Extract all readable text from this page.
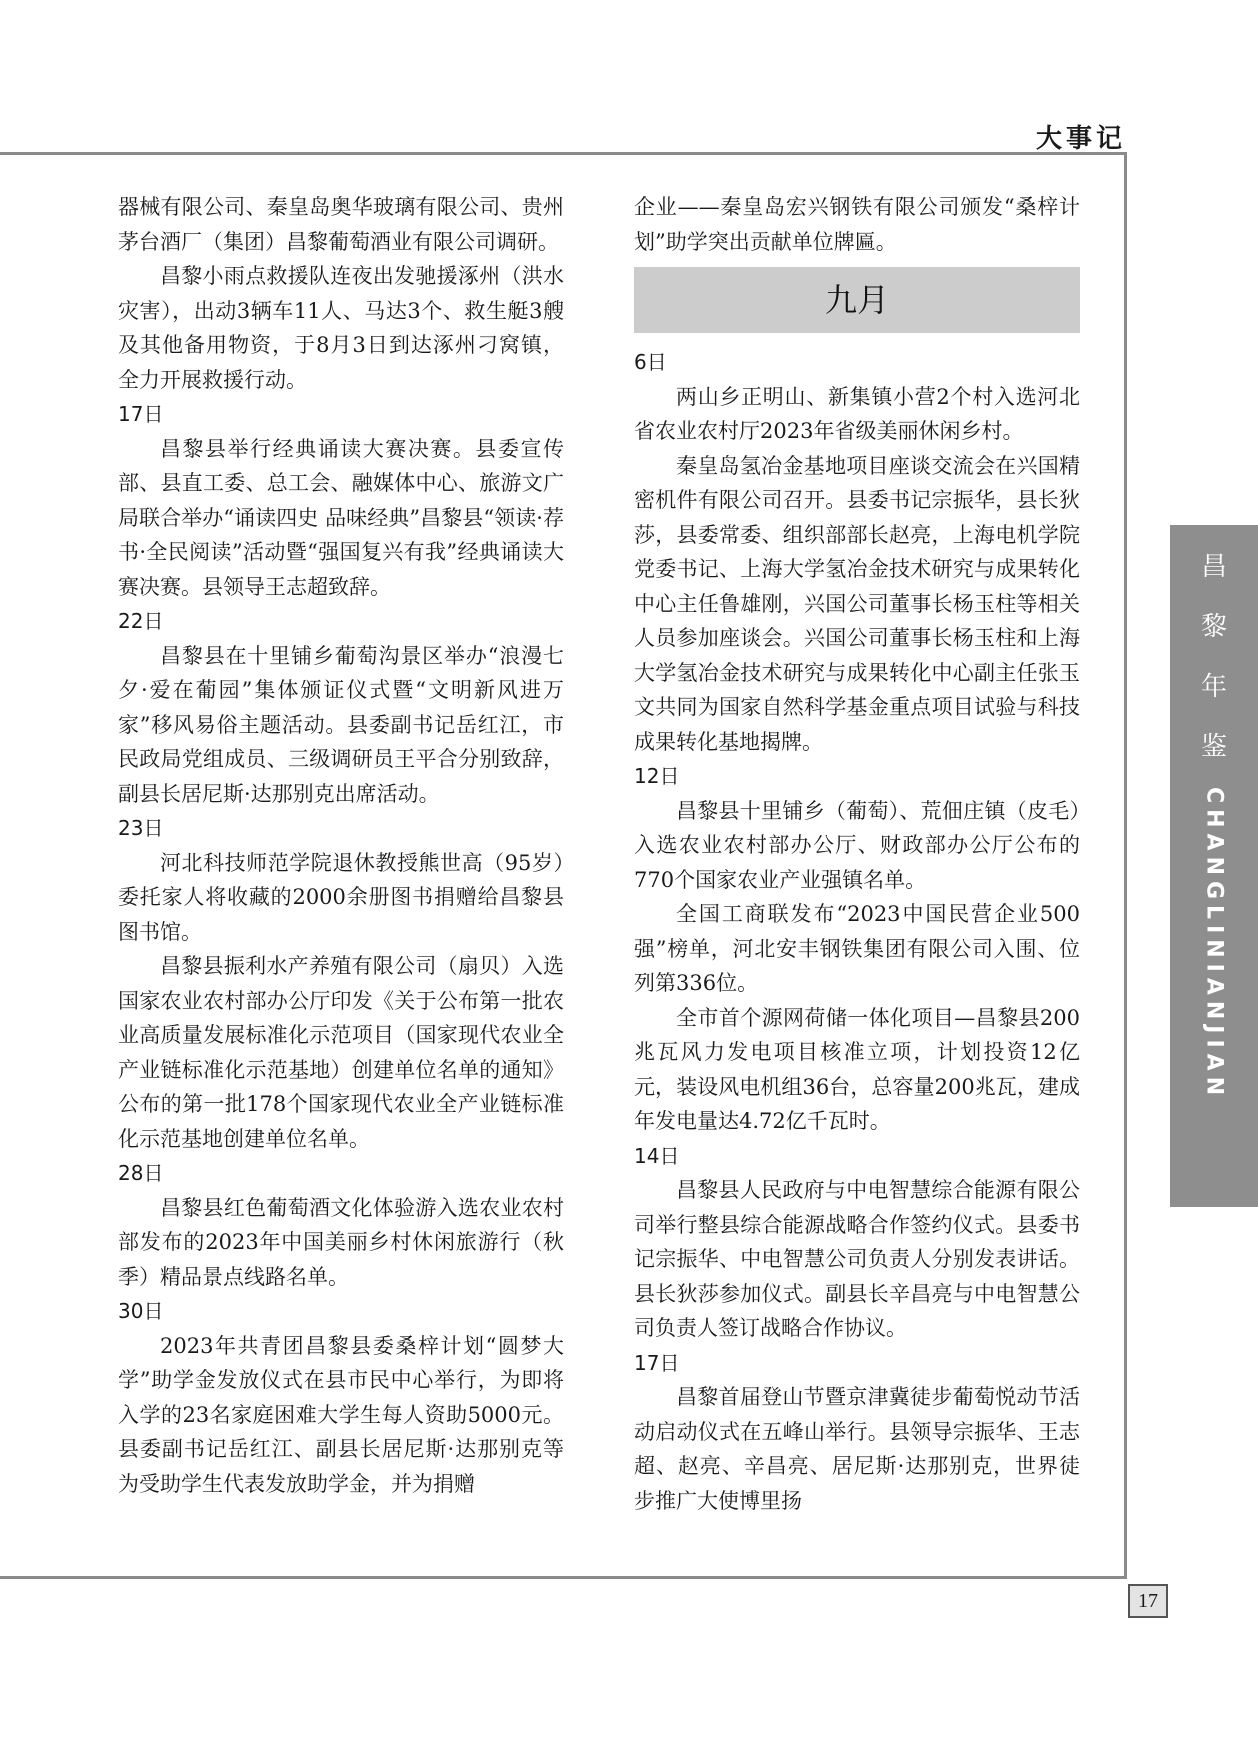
大事记

器械有限公司、秦皇岛奥华玻璃有限公司、贵州茅台酒厂（集团）昌黎葡萄酒业有限公司调研。

昌黎小雨点救援队连夜出发驰援涿州（洪水灾害），出动3辆车11人、马达3个、救生艇3艘及其他备用物资，于8月3日到达涿州刁窝镇，全力开展救援行动。

17日

昌黎县举行经典诵读大赛决赛。县委宣传部、县直工委、总工会、融媒体中心、旅游文广局联合举办“诵读四史 品味经典”昌黎县“领读·荐书·全民阅读”活动暨“强国复兴有我”经典诵读大赛决赛。县领导王志超致辞。

22日

昌黎县在十里铺乡葡萄沟景区举办“浪漫七夕·爱在葡园”集体颁证仪式暨“文明新风进万家”移风易俗主题活动。县委副书记岳红江，市民政局党组成员、三级调研员王平合分别致辞，副县长居尼斯·达那别克出席活动。

23日

河北科技师范学院退休教授熊世高（95岁）委托家人将收藏的2000余册图书捐赠给昌黎县图书馆。

昌黎县振利水产养殖有限公司（扇贝）入选国家农业农村部办公厅印发《关于公布第一批农业高质量发展标准化示范项目（国家现代农业全产业链标准化示范基地）创建单位名单的通知》公布的第一批178个国家现代农业全产业链标准化示范基地创建单位名单。

28日

昌黎县红色葡萄酒文化体验游入选农业农村部发布的2023年中国美丽乡村休闲旅游行（秋季）精品景点线路名单。

30日

2023年共青团昌黎县委桑梓计划“圆梦大学”助学金发放仪式在县市民中心举行，为即将入学的23名家庭困难大学生每人资助5000元。县委副书记岳红江、副县长居尼斯·达那别克等为受助学生代表发放助学金，并为捐赠

企业——秦皇岛宏兴钢铁有限公司颁发“桑梓计划”助学突出贡献单位牌匾。

九月
6日

两山乡正明山、新集镇小营2个村入选河北省农业农村厅2023年省级美丽休闲乡村。

秦皇岛氢冶金基地项目座谈交流会在兴国精密机件有限公司召开。县委书记宗振华，县长狄莎，县委常委、组织部部长赵亮，上海电机学院党委书记、上海大学氢冶金技术研究与成果转化中心主任鲁雄刚，兴国公司董事长杨玉柱等相关人员参加座谈会。兴国公司董事长杨玉柱和上海大学氢冶金技术研究与成果转化中心副主任张玉文共同为国家自然科学基金重点项目试验与科技成果转化基地揭牌。

12日

昌黎县十里铺乡（葡萄）、荒佃庄镇（皮毛）入选农业农村部办公厅、财政部办公厅公布的770个国家农业产业强镇名单。

全国工商联发布“2023中国民营企业500强”榜单，河北安丰钢铁集团有限公司入围、位列第336位。

全市首个源网荷储一体化项目—昌黎县200兆瓦风力发电项目核准立项，计划投资12亿元，装设风电机组36台，总容量200兆瓦，建成年发电量达4.72亿千瓦时。

14日

昌黎县人民政府与中电智慧综合能源有限公司举行整县综合能源战略合作签约仪式。县委书记宗振华、中电智慧公司负责人分别发表讲话。县长狄莎参加仪式。副县长辛昌亮与中电智慧公司负责人签订战略合作协议。

17日

昌黎首届登山节暨京津冀徒步葡萄悦动节活动启动仪式在五峰山举行。县领导宗振华、王志超、赵亮、辛昌亮、居尼斯·达那别克，世界徒步推广大使博里扬

昌
黎
年
鉴
CHANGLINIANJIAN
17
